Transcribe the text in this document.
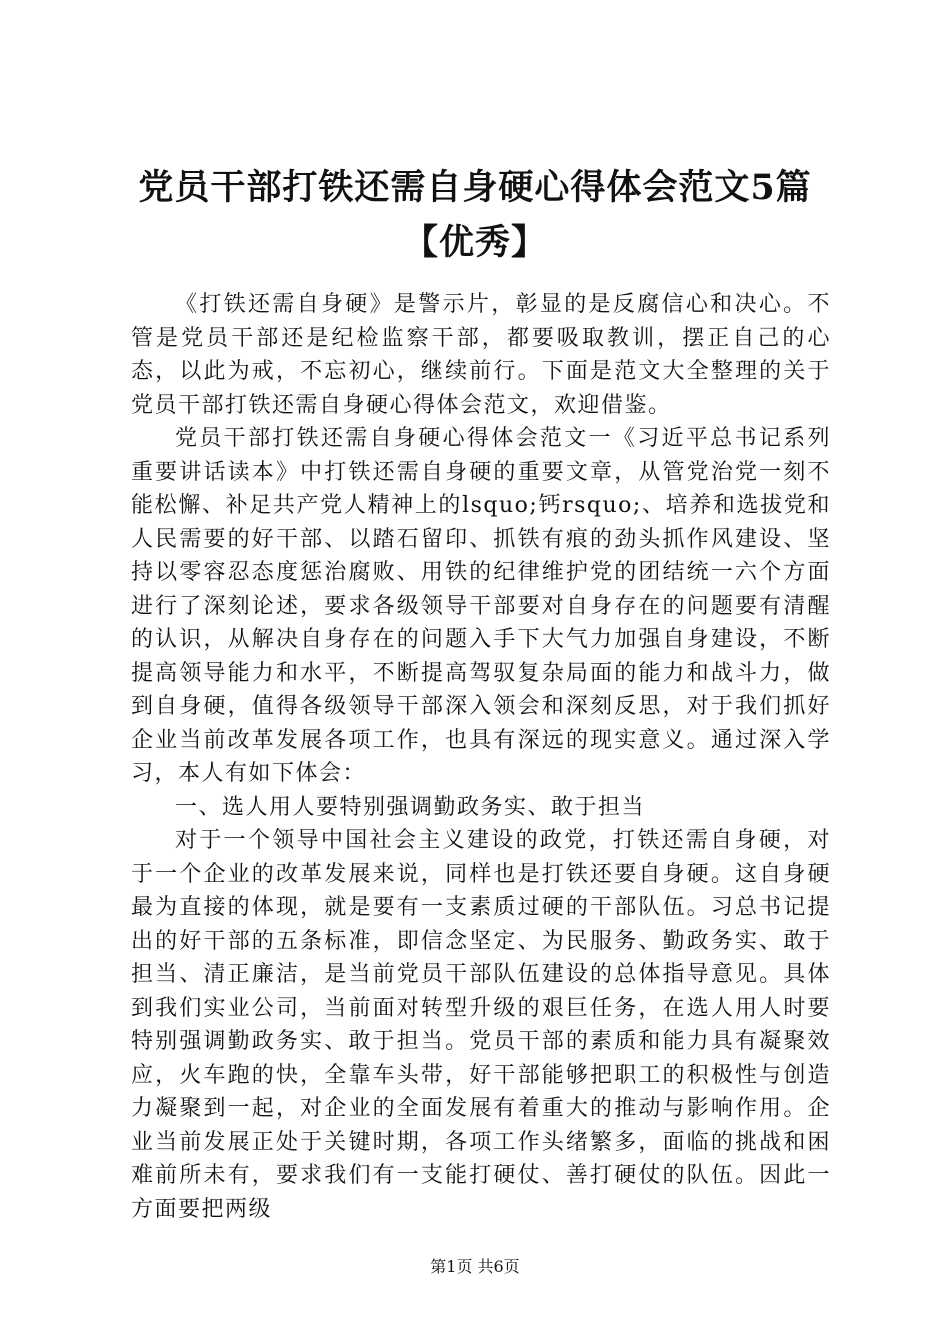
党员干部打铁还需自身硬心得体会范文5篇
【优秀】

《打铁还需自身硬》是警示片，彰显的是反腐信心和决心。不管是党员干部还是纪检监察干部，都要吸取教训，摆正自己的心态，以此为戒，不忘初心，继续前行。下面是范文大全整理的关于党员干部打铁还需自身硬心得体会范文，欢迎借鉴。

党员干部打铁还需自身硬心得体会范文一《习近平总书记系列重要讲话读本》中打铁还需自身硬的重要文章，从管党治党一刻不能松懈、补足共产党人精神上的lsquo;钙rsquo;、培养和选拔党和人民需要的好干部、以踏石留印、抓铁有痕的劲头抓作风建设、坚持以零容忍态度惩治腐败、用铁的纪律维护党的团结统一六个方面进行了深刻论述，要求各级领导干部要对自身存在的问题要有清醒的认识，从解决自身存在的问题入手下大气力加强自身建设，不断提高领导能力和水平，不断提高驾驭复杂局面的能力和战斗力，做到自身硬，值得各级领导干部深入领会和深刻反思，对于我们抓好企业当前改革发展各项工作，也具有深远的现实意义。通过深入学习，本人有如下体会：

一、选人用人要特别强调勤政务实、敢于担当

对于一个领导中国社会主义建设的政党，打铁还需自身硬，对于一个企业的改革发展来说，同样也是打铁还要自身硬。这自身硬最为直接的体现，就是要有一支素质过硬的干部队伍。习总书记提出的好干部的五条标准，即信念坚定、为民服务、勤政务实、敢于担当、清正廉洁，是当前党员干部队伍建设的总体指导意见。具体到我们实业公司，当前面对转型升级的艰巨任务，在选人用人时要特别强调勤政务实、敢于担当。党员干部的素质和能力具有凝聚效应，火车跑的快，全靠车头带，好干部能够把职工的积极性与创造力凝聚到一起，对企业的全面发展有着重大的推动与影响作用。企业当前发展正处于关键时期，各项工作头绪繁多，面临的挑战和困难前所未有，要求我们有一支能打硬仗、善打硬仗的队伍。因此一方面要把两级

第1页 共6页
